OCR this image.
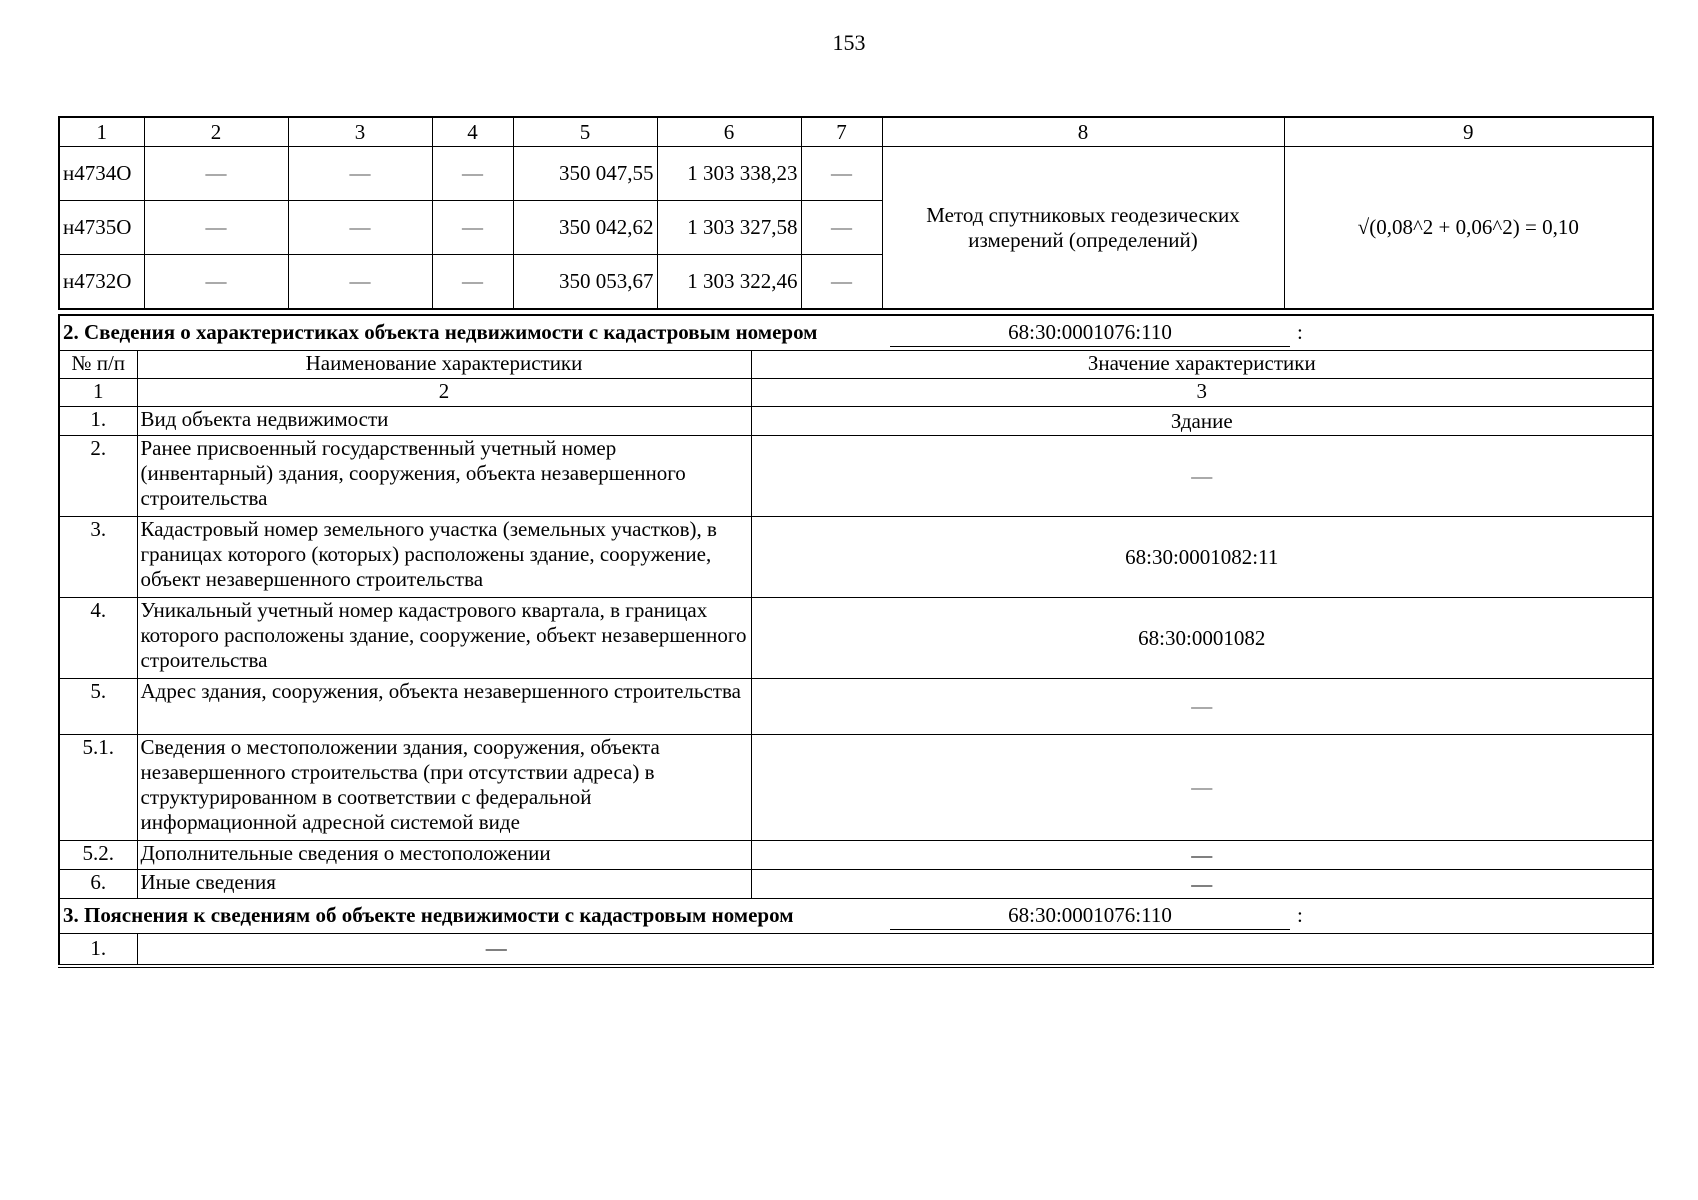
153
1	2	3	4	5	6	7	8	9
н4734О	—	—	—	350 047,55	1 303 338,23	—	Метод спутниковых геодезических измерений (определений)	√(0,08^2 + 0,06^2) = 0,10
н4735О	—	—	—	350 042,62	1 303 327,58	—		
н4732О	—	—	—	350 053,67	1 303 322,46	—		
2. Сведения о характеристиках объекта недвижимости с кадастровым номером 68:30:0001076:110 :		

№ п/п	Наименование характеристики	Значение характеристики
1	2	3
1.	Вид объекта недвижимости	Здание
2.	Ранее присвоенный государственный учетный номер (инвентарный) здания, сооружения, объекта незавершенного строительства	—
3.	Кадастровый номер земельного участка (земельных участков), в границах которого (которых) расположены здание, сооружение, объект незавершенного строительства	68:30:0001082:11
4.	Уникальный учетный номер кадастрового квартала, в границах которого расположены здание, сооружение, объект незавершенного строительства	68:30:0001082
5.	Адрес здания, сооружения, объекта незавершенного строительства	—
5.1.	Сведения о местоположении здания, сооружения, объекта незавершенного строительства (при отсутствии адреса) в структурированном в соответствии с федеральной информационной адресной системой виде	—
5.2.	Дополнительные сведения о местоположении	—
6.	Иные сведения	—

3. Пояснения к сведениям об объекте недвижимости с кадастровым номером 68:30:0001076:110 :		

1.	—	
